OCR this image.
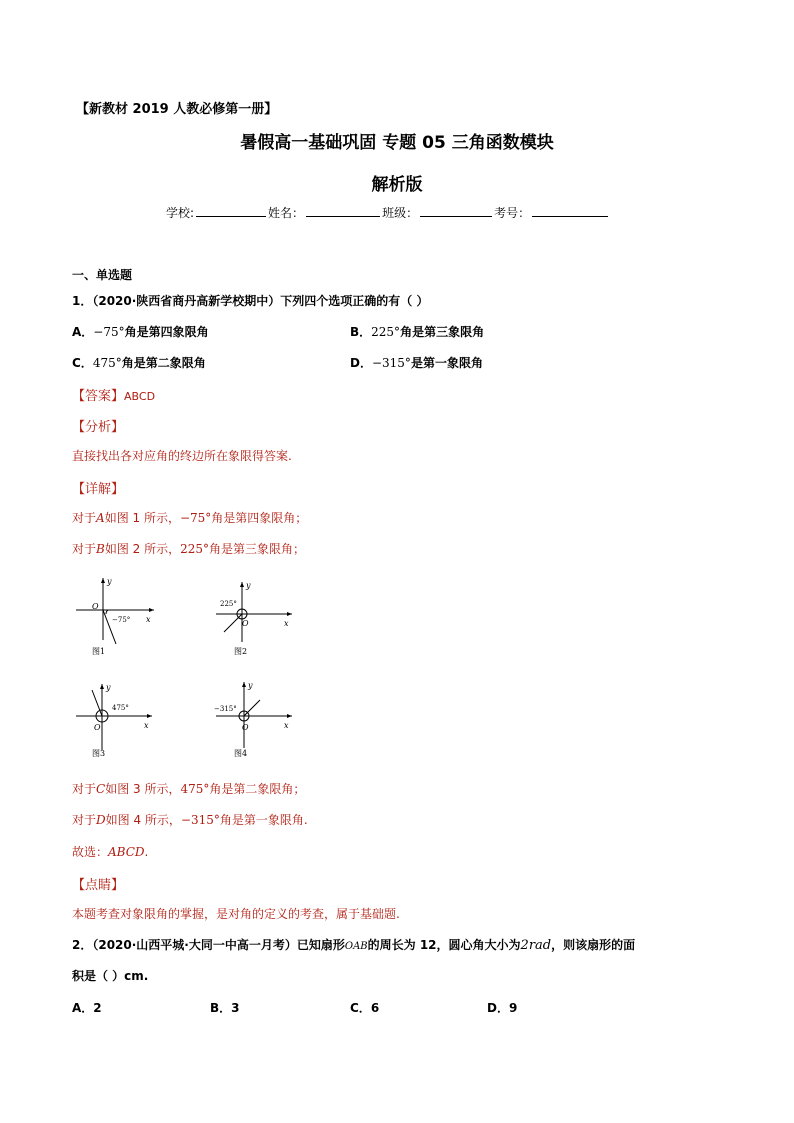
【新教材 2019 人教必修第一册】
暑假高一基础巩固 专题 05 三角函数模块
解析版
学校:	姓名：	班级：	考号：
一、单选题
1．（2020·陕西省商丹高新学校期中）下列四个选项正确的有（ ）
A．−75°角是第四象限角	B．225°角是第三象限角
C．475°角是第二象限角	D．−315°是第一象限角
【答案】ABCD
【分析】
直接找出各对应角的终边所在象限得答案.
【详解】
对于A如图 1 所示，−75°角是第四象限角；
对于B如图 2 所示，225°角是第三象限角；
y
x
O
−75°
图1
y
x
O
225°
图2
y
x
O
475°
图3
y
x
O
−315°
图4
对于C如图 3 所示，475°角是第二象限角；
对于D如图 4 所示，−315°角是第一象限角.
故选：ABCD.
【点睛】
本题考查对象限角的掌握，是对角的定义的考查，属于基础题.
2．（2020·山西平城·大同一中高一月考）已知扇形OAB的周长为 12，圆心角大小为2rad，则该扇形的面
积是（ ）cm.
A．2	B．3	C．6	D．9
